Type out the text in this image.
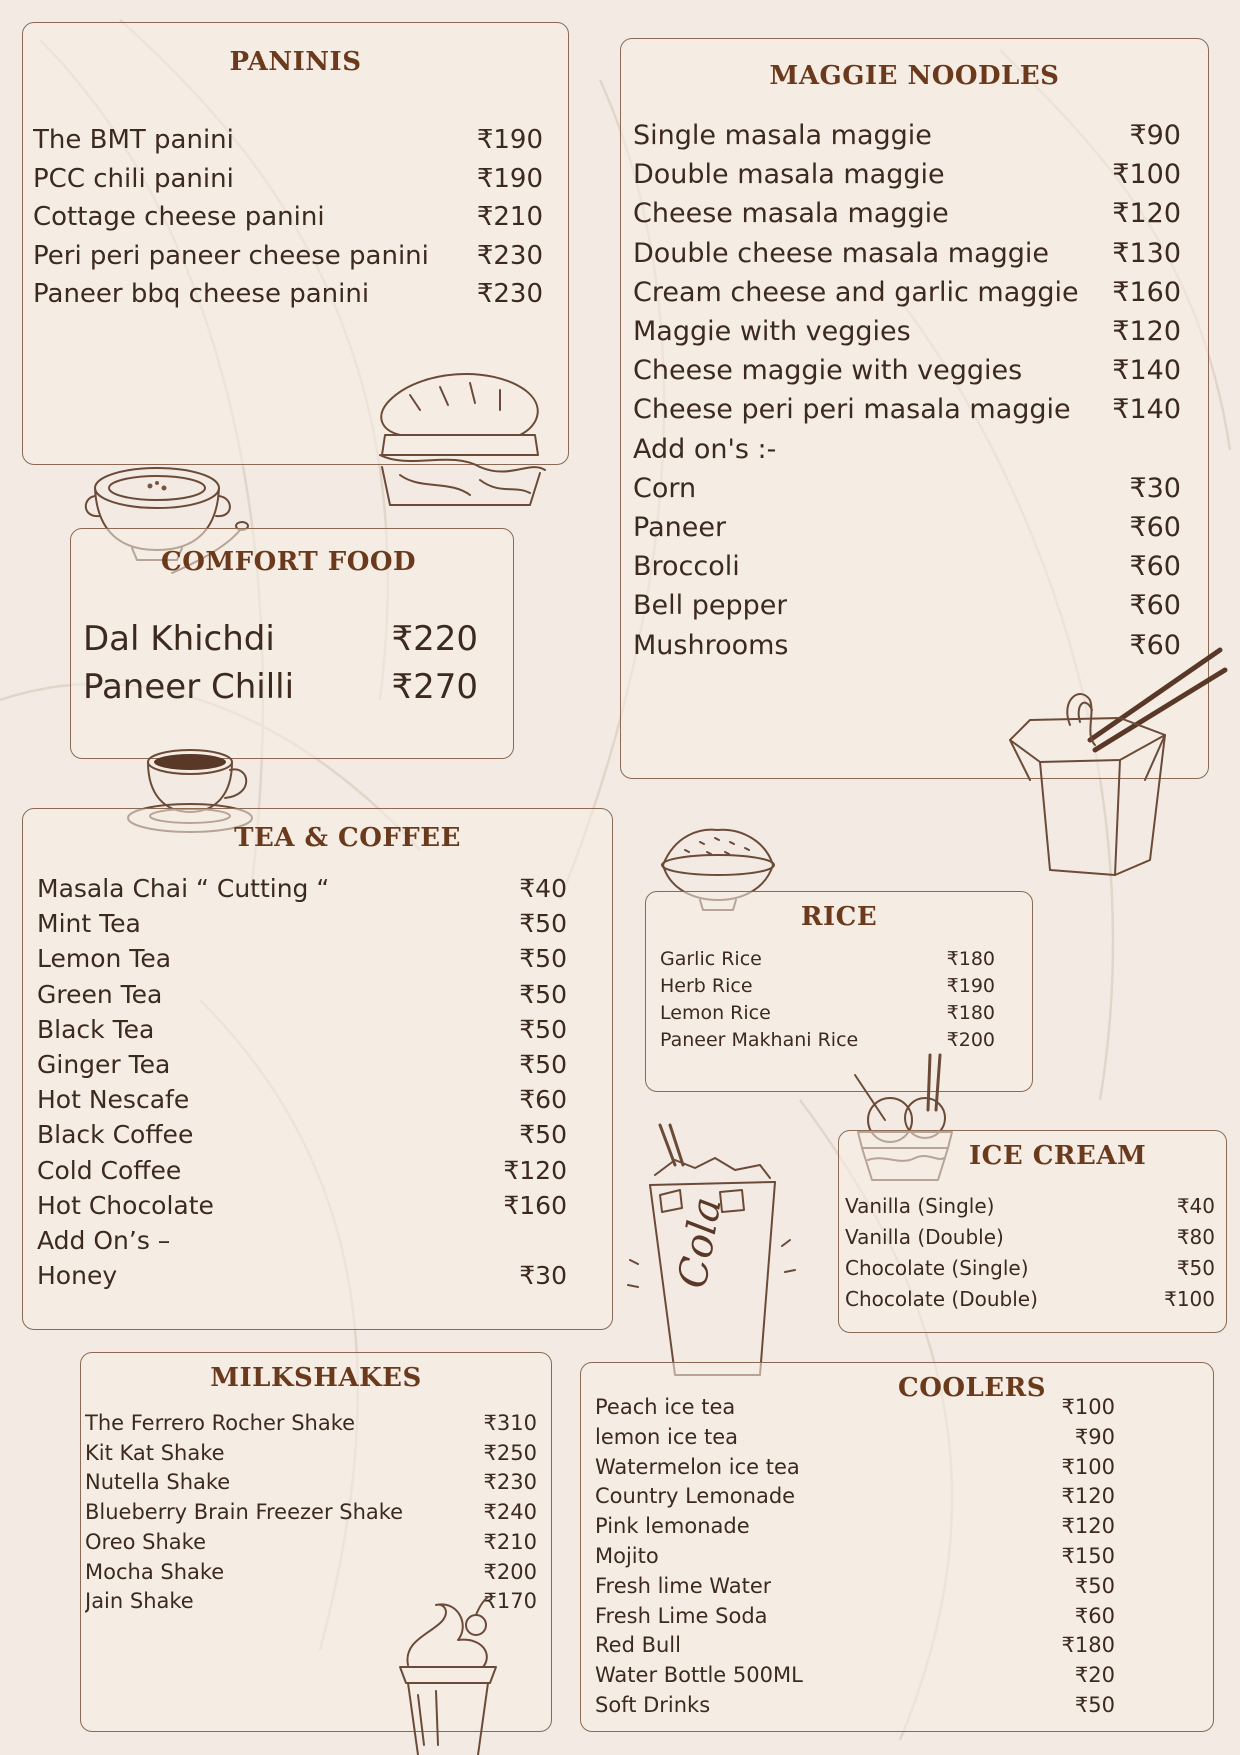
PANINIS
The BMT panini	₹190
PCC chili panini	₹190
Cottage cheese panini	₹210
Peri peri paneer cheese panini ₹230
Paneer bbq cheese panini	₹230
COMFORT FOOD
Dal Khichdi	₹220
Paneer Chilli	₹270
TEA & COFFEE
Masala Chai “ Cutting “	₹40
Mint Tea	₹50
Lemon Tea	₹50
Green Tea	₹50
Black Tea	₹50
Ginger Tea	₹50
Hot Nescafe	₹60
Black Coffee	₹50
Cold Coffee	₹120
Hot Chocolate	₹160
Add On’s –
Honey	₹30
MILKSHAKES
The Ferrero Rocher Shake	₹310
Kit Kat Shake	₹250
Nutella Shake	₹230
Blueberry Brain Freezer Shake	₹240
Oreo Shake	₹210
Mocha Shake	₹200
Jain Shake	₹170
MAGGIE NOODLES
Single masala maggie	₹90
Double masala maggie	₹100
Cheese masala maggie	₹120
Double cheese masala maggie ₹130
Cream cheese and garlic maggie ₹160
Maggie with veggies	₹120
Cheese maggie with veggies	₹140
Cheese peri peri masala maggie ₹140
Add on's :-
Corn	₹30
Paneer	₹60
Broccoli	₹60
Bell pepper	₹60
Mushrooms	₹60
RICE
Garlic Rice	₹180
Herb Rice	₹190
Lemon Rice	₹180
Paneer Makhani Rice	₹200
ICE CREAM
Vanilla (Single)	₹40
Vanilla (Double)	₹80
Chocolate (Single)	₹50
Chocolate (Double)	₹100
Cola
COOLERS
Peach ice tea	₹100
lemon ice tea	₹90
Watermelon ice tea	₹100
Country Lemonade	₹120
Pink lemonade	₹120
Mojito	₹150
Fresh lime Water	₹50
Fresh Lime Soda	₹60
Red Bull	₹180
Water Bottle 500ML	₹20
Soft Drinks	₹50
